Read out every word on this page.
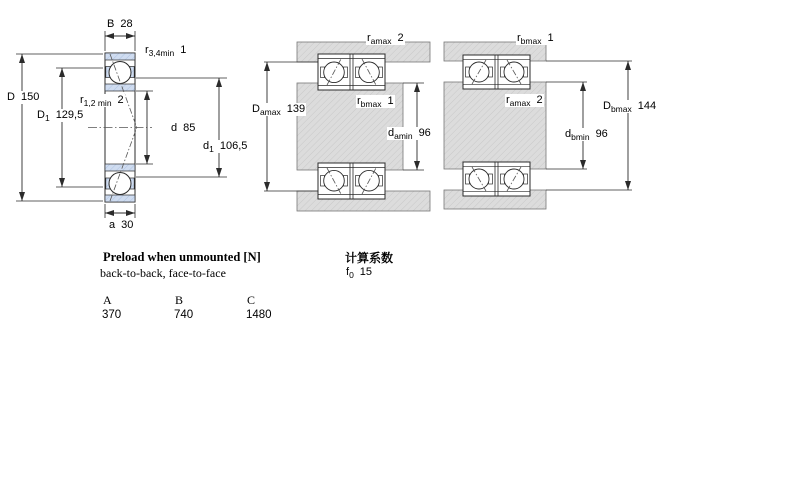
B 28
$r_{3,4min}$ 1
$r_{1,2 min}$ 2
D 150
$D_1$ 129,5
d 85
$d_1$ 106,5
a 30
$r_{amax}$ 2
$r_{bmax}$ 1
$D_{amax}$ 139
$d_{amin}$ 96
$r_{bmax}$ 1
$r_{amax}$ 2	$D_{bmax}$ 144
$d_{bmin}$ 96
Preload when unmounted [N]
back-to-back, face-to-face
A	B	C
370	740	1480
计算系数
$f_0$ 15
